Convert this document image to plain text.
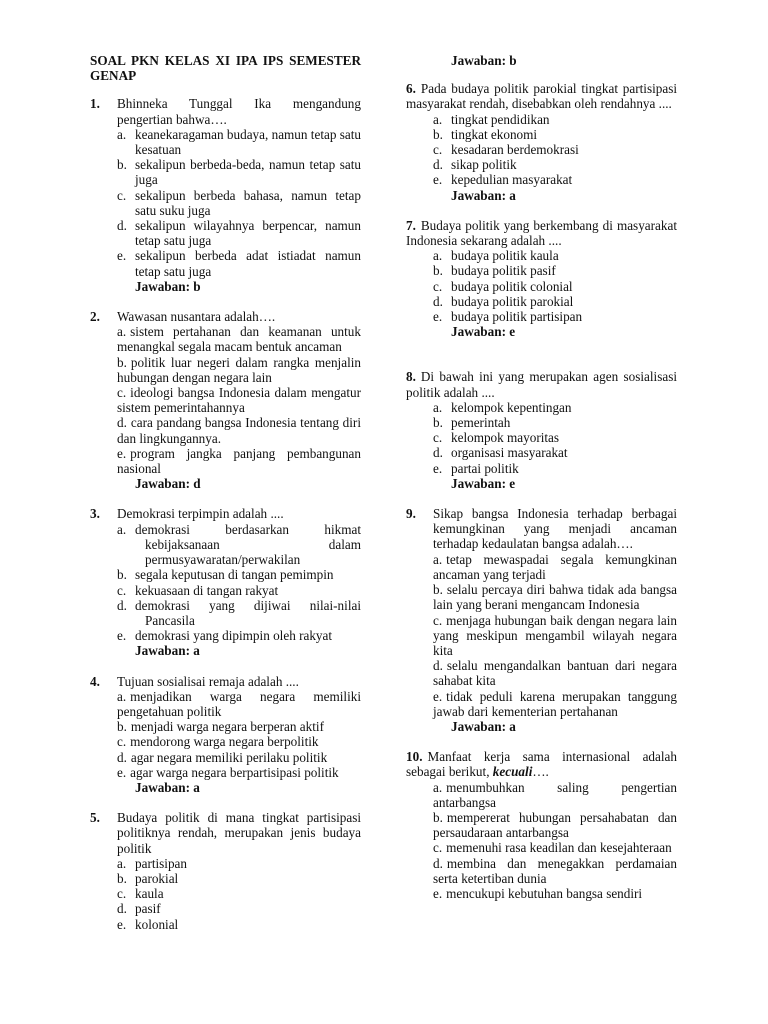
SOAL PKN KELAS XI IPA IPS SEMESTER GENAP
1.	Bhinneka Tunggal Ika mengandung pengertian bahwa….
a. keanekaragaman budaya, namun tetap satu kesatuan
b. sekalipun berbeda-beda, namun tetap satu juga
c. sekalipun berbeda bahasa, namun tetap satu suku juga
d. sekalipun wilayahnya berpencar, namun tetap satu juga
e. sekalipun berbeda adat istiadat namun tetap satu juga
Jawaban: b
2.	Wawasan nusantara adalah….
a. sistem pertahanan dan keamanan untuk menangkal segala macam bentuk ancaman
b. politik luar negeri dalam rangka menjalin hubungan dengan negara lain
c. ideologi bangsa Indonesia dalam mengatur sistem pemerintahannya
d. cara pandang bangsa Indonesia tentang diri dan lingkungannya.
e. program jangka panjang pembangunan nasional
Jawaban: d
3.	Demokrasi terpimpin adalah ....
a. demokrasi berdasarkan hikmat kebijaksanaan dalam permusyawaratan/perwakilan
b. segala keputusan di tangan pemimpin
c. kekuasaan di tangan rakyat
d. demokrasi yang dijiwai nilai-nilai Pancasila
e. demokrasi yang dipimpin oleh rakyat
Jawaban: a
4.	Tujuan sosialisai remaja adalah ....
a. menjadikan warga negara memiliki pengetahuan politik
b. menjadi warga negara berperan aktif
c. mendorong warga negara berpolitik
d. agar negara memiliki perilaku politik
e. agar warga negara berpartisipasi politik
Jawaban: a
5.	Budaya politik di mana tingkat partisipasi politiknya rendah, merupakan jenis budaya politik
a. partisipan
b. parokial
c. kaula
d. pasif
e. kolonial
Jawaban: b
6. Pada budaya politik parokial tingkat partisipasi masyarakat rendah, disebabkan oleh rendahnya ....
a. tingkat pendidikan
b. tingkat ekonomi
c. kesadaran berdemokrasi
d. sikap politik
e. kepedulian masyarakat
Jawaban: a
7. Budaya politik yang berkembang di masyarakat Indonesia sekarang adalah ....
a. budaya politik kaula
b. budaya politik pasif
c. budaya politik colonial
d. budaya politik parokial
e. budaya politik partisipan
Jawaban: e
8. Di bawah ini yang merupakan agen sosialisasi politik adalah ....
a. kelompok kepentingan
b. pemerintah
c. kelompok mayoritas
d. organisasi masyarakat
e. partai politik
Jawaban: e
9.	Sikap bangsa Indonesia terhadap berbagai kemungkinan yang menjadi ancaman terhadap kedaulatan bangsa adalah….
a. tetap mewaspadai segala kemungkinan ancaman yang terjadi
b. selalu percaya diri bahwa tidak ada bangsa lain yang berani mengancam Indonesia
c. menjaga hubungan baik dengan negara lain yang meskipun mengambil wilayah negara kita
d. selalu mengandalkan bantuan dari negara sahabat kita
e. tidak peduli karena merupakan tanggung jawab dari kementerian pertahanan
Jawaban: a
10. Manfaat kerja sama internasional adalah sebagai berikut, kecuali….
a. menumbuhkan saling pengertian antarbangsa
b. mempererat hubungan persahabatan dan persaudaraan antarbangsa
c. memenuhi rasa keadilan dan kesejahteraan
d. membina dan menegakkan perdamaian serta ketertiban dunia
e. mencukupi kebutuhan bangsa sendiri
